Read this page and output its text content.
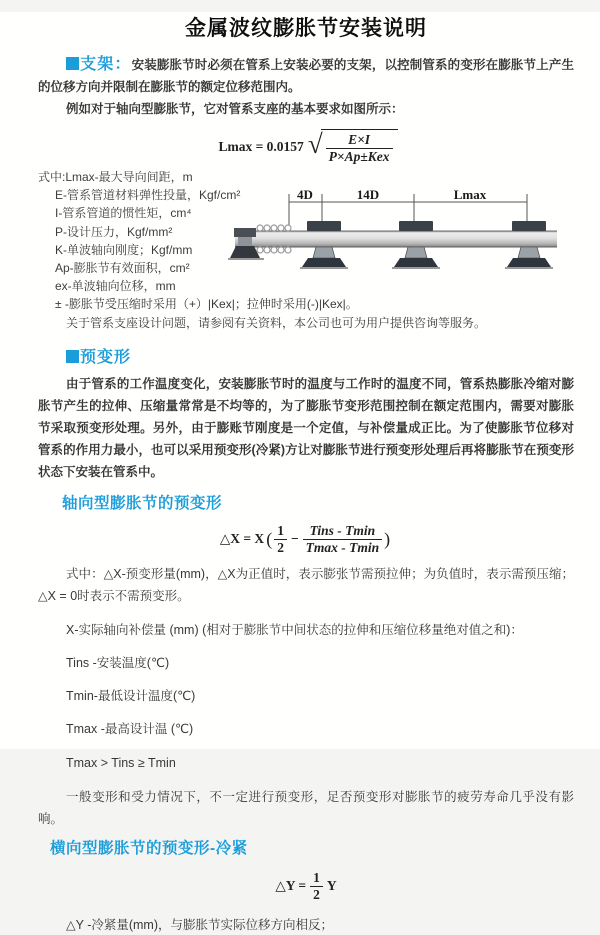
金属波纹膨胀节安装说明

支架：安装膨胀节时必须在管系上安装必要的支架，以控制管系的变形在膨胀节上产生的位移方向并限制在膨胀节的额定位移范围内。

例如对于轴向型膨胀节，它对管系支座的基本要求如图所示：

Lmax = 0.0157 √ $\frac{E\times I}{\text{P×Ap±Kex}}$
式中:Lmax-最大导向间距，m
E-管系管道材料弹性投量，Kgf/cm²
I-管系管道的惯性矩，cm⁴
P-设计压力，Kgf/mm²
K-单波轴向刚度；Kgf/mm
Ap-膨胀节有效面积，cm²
ex-单波轴向位移，mm
4D	14D	Lmax

± -膨胀节受压缩时采用（+）|Kex|；拉伸时采用(-)|Kex|。

关于管系支座设计问题，请参阅有关资料，本公司也可为用户提供咨询等服务。

预变形

由于管系的工作温度变化，安装膨胀节时的温度与工作时的温度不同，管系热膨胀冷缩对膨胀节产生的拉伸、压缩量常常是不均等的，为了膨胀节变形范围控制在额定范围内，需要对膨胀节采取预变形处理。另外，由于膨账节刚度是一个定值，与补偿量成正比。为了使膨胀节位移对管系的作用力最小，也可以采用预变形(冷紧)方让对膨胀节进行预变形处理后再将膨胀节在预变形状态下安装在管系中。

轴向型膨胀节的预变形
△X = X ( $\frac{1}{2} - \frac{\text{Tins - Tmin}}{Tmax - Tmin}$ )

式中：△X-预变形量(mm)，△X为正值时，表示膨张节需预拉伸；为负值时，表示需预压缩；△X = 0时表示不需预变形。

X-实际轴向补偿量 (mm) (相对于膨胀节中间状态的拉伸和压缩位移量绝对值之和)：

Tins -安装温度(℃)

Tmin-最低设计温度(℃)

Tmax -最高设计温 (℃)

Tmax > Tins ≥ Tmin

一般变形和受力情况下，不一定进行预变形，足否预变形对膨胀节的疲劳寿命几乎没有影响。

横向型膨胀节的预变形-冷紧
△Y = $\frac{1}{2}$ Y

△Y -冷紧量(mm)，与膨胀节实际位移方向相反；
